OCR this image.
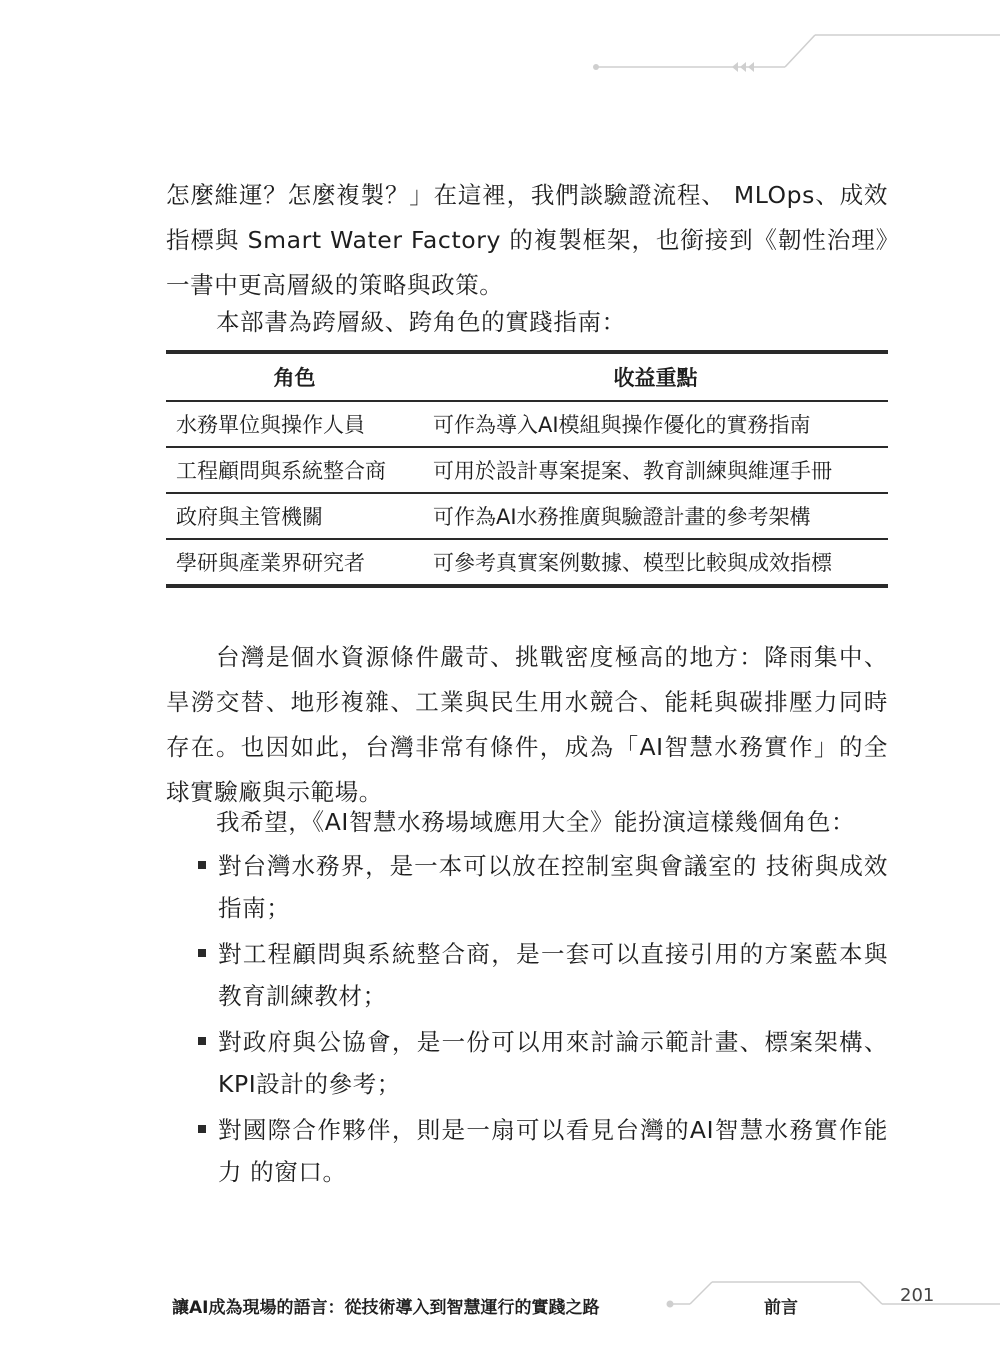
怎麼維運？怎麼複製？」在這裡，我們談驗證流程、 MLOps、成效指標與 Smart Water Factory 的複製框架，也銜接到《韌性治理》一書中更高層級的策略與政策。

本部書為跨層級、跨角色的實踐指南：

角色	收益重點
水務單位與操作人員	可作為導入AI模組與操作優化的實務指南
工程顧問與系統整合商	可用於設計專案提案、教育訓練與維運手冊
政府與主管機關	可作為AI水務推廣與驗證計畫的參考架構
學研與產業界研究者	可參考真實案例數據、模型比較與成效指標

台灣是個水資源條件嚴苛、挑戰密度極高的地方：降雨集中、旱澇交替、地形複雜、工業與民生用水競合、能耗與碳排壓力同時存在。也因如此，台灣非常有條件，成為「AI智慧水務實作」的全球實驗廠與示範場。

我希望，《AI智慧水務場域應用大全》能扮演這樣幾個角色：

對台灣水務界，是一本可以放在控制室與會議室的 技術與成效指南；
對工程顧問與系統整合商，是一套可以直接引用的方案藍本與教育訓練教材；
對政府與公協會，是一份可以用來討論示範計畫、標案架構、KPI設計的參考；
對國際合作夥伴，則是一扇可以看見台灣的AI智慧水務實作能力 的窗口。
讓AI成為現場的語言：從技術導入到智慧運行的實踐之路	前言
201
